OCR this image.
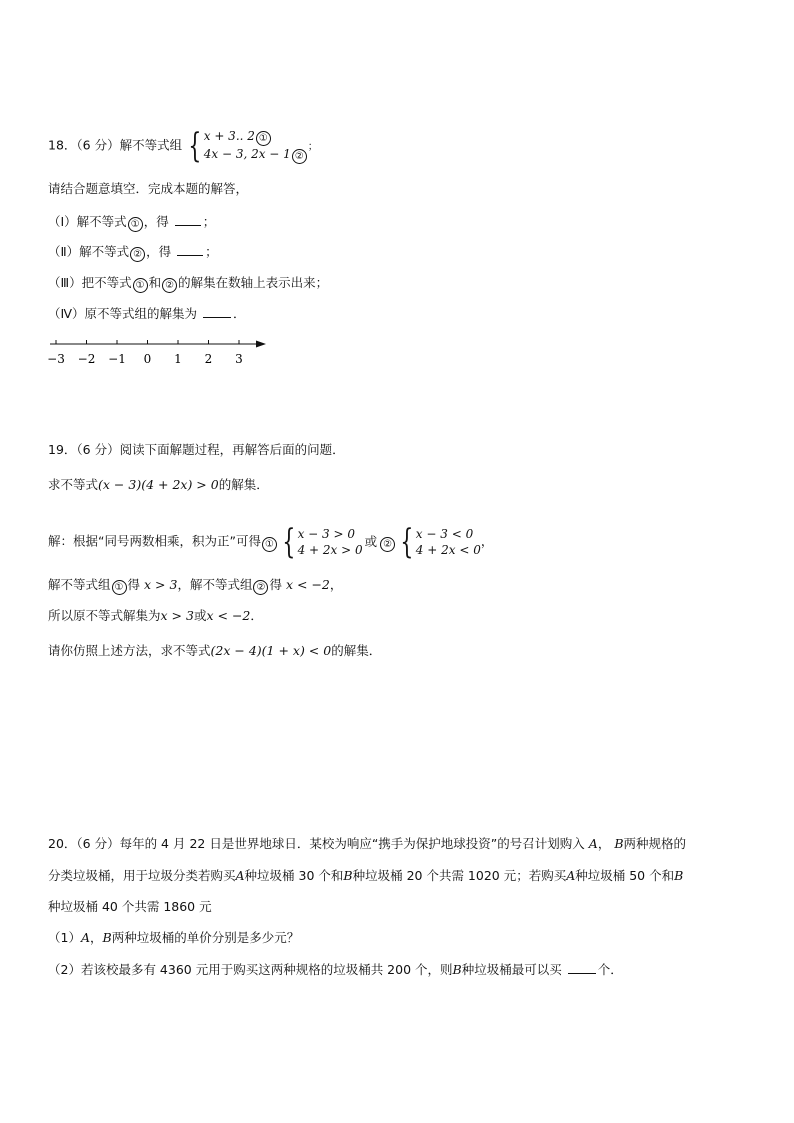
18．（6 分）解不等式组 { x + 3.. 2 ①
4x − 3, 2x − 1 ②
；
请结合题意填空．完成本题的解答，
（Ⅰ）解不等式 ① ，得	；
（Ⅱ）解不等式 ② ，得	；
（Ⅲ）把不等式 ① 和 ② 的解集在数轴上表示出来；
（Ⅳ）原不等式组的解集为	．
−3 −2 −1 0 1 2 3
19．（6 分）阅读下面解题过程，再解答后面的问题．
求不等式(x − 3)(4 + 2x) > 0的解集．
解：根据“同号两数相乘，积为正”可得 ① { x − 3 > 0
4 + 2x > 0
或 ② { x − 3 < 0
4 + 2x < 0
，
解不等式组 ① 得 x > 3，解不等式组 ② 得 x < −2，
所以原不等式解集为x > 3或x < −2．
请你仿照上述方法，求不等式(2x − 4)(1 + x) < 0的解集．
20．（6 分）每年的 4 月 22 日是世界地球日．某校为响应“携手为保护地球投资”的号召计划购入 A， B两种规格的
分类垃圾桶，用于垃圾分类若购买A种垃圾桶 30 个和B种垃圾桶 20 个共需 1020 元；若购买A种垃圾桶 50 个和B
种垃圾桶 40 个共需 1860 元
（1）A，B两种垃圾桶的单价分别是多少元？
（2）若该校最多有 4360 元用于购买这两种规格的垃圾桶共 200 个，则B种垃圾桶最可以买	个．
